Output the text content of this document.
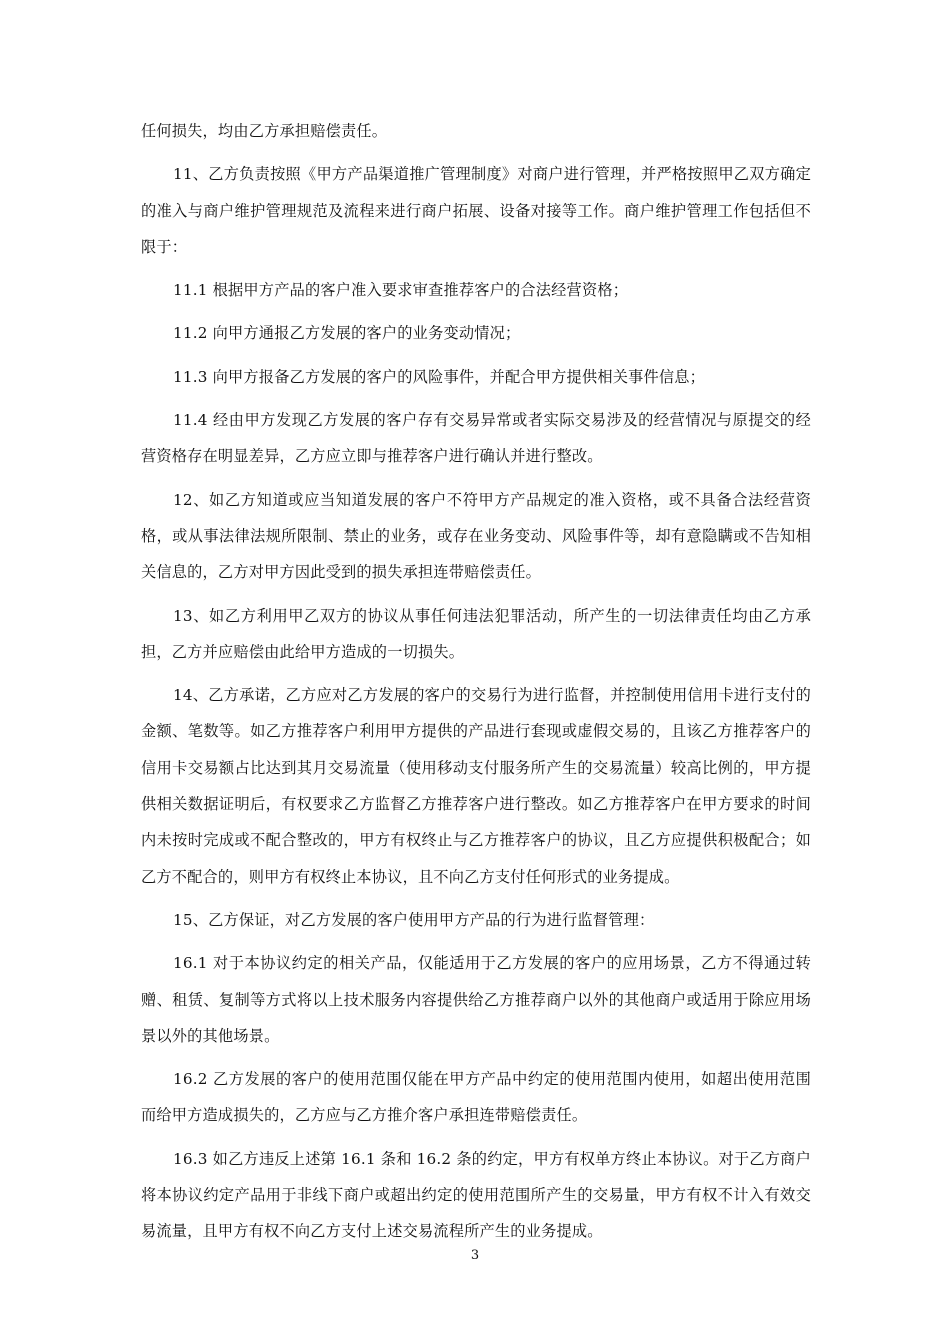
任何损失，均由乙方承担赔偿责任。

11、乙方负责按照《甲方产品渠道推广管理制度》对商户进行管理，并严格按照甲乙双方确定的准入与商户维护管理规范及流程来进行商户拓展、设备对接等工作。商户维护管理工作包括但不限于：

11.1 根据甲方产品的客户准入要求审查推荐客户的合法经营资格；

11.2 向甲方通报乙方发展的客户的业务变动情况；

11.3 向甲方报备乙方发展的客户的风险事件，并配合甲方提供相关事件信息；

11.4 经由甲方发现乙方发展的客户存有交易异常或者实际交易涉及的经营情况与原提交的经营资格存在明显差异，乙方应立即与推荐客户进行确认并进行整改。

12、如乙方知道或应当知道发展的客户不符甲方产品规定的准入资格，或不具备合法经营资格，或从事法律法规所限制、禁止的业务，或存在业务变动、风险事件等，却有意隐瞒或不告知相关信息的，乙方对甲方因此受到的损失承担连带赔偿责任。

13、如乙方利用甲乙双方的协议从事任何违法犯罪活动，所产生的一切法律责任均由乙方承担，乙方并应赔偿由此给甲方造成的一切损失。

14、乙方承诺，乙方应对乙方发展的客户的交易行为进行监督，并控制使用信用卡进行支付的金额、笔数等。如乙方推荐客户利用甲方提供的产品进行套现或虚假交易的，且该乙方推荐客户的信用卡交易额占比达到其月交易流量（使用移动支付服务所产生的交易流量）较高比例的，甲方提供相关数据证明后，有权要求乙方监督乙方推荐客户进行整改。如乙方推荐客户在甲方要求的时间内未按时完成或不配合整改的，甲方有权终止与乙方推荐客户的协议，且乙方应提供积极配合；如乙方不配合的，则甲方有权终止本协议，且不向乙方支付任何形式的业务提成。

15、乙方保证，对乙方发展的客户使用甲方产品的行为进行监督管理：

16.1 对于本协议约定的相关产品，仅能适用于乙方发展的客户的应用场景，乙方不得通过转赠、租赁、复制等方式将以上技术服务内容提供给乙方推荐商户以外的其他商户或适用于除应用场景以外的其他场景。

16.2 乙方发展的客户的使用范围仅能在甲方产品中约定的使用范围内使用，如超出使用范围而给甲方造成损失的，乙方应与乙方推介客户承担连带赔偿责任。

16.3 如乙方违反上述第 16.1 条和 16.2 条的约定，甲方有权单方终止本协议。对于乙方商户将本协议约定产品用于非线下商户或超出约定的使用范围所产生的交易量，甲方有权不计入有效交易流量，且甲方有权不向乙方支付上述交易流程所产生的业务提成。

3
